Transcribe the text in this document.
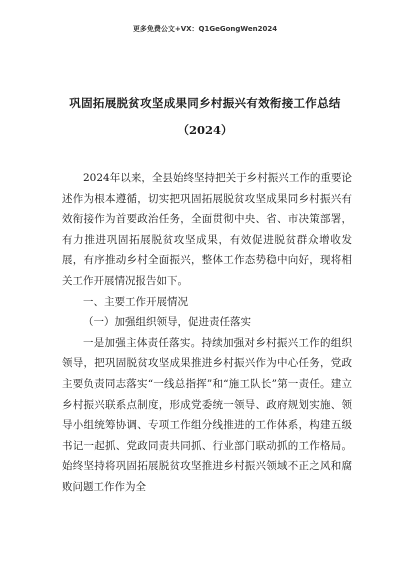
更多免费公文+VX：Q1GeGongWen2024
巩固拓展脱贫攻坚成果同乡村振兴有效衔接工作总结
（2024）

2024年以来，全县始终坚持把关于乡村振兴工作的重要论述作为根本遵循，切实把巩固拓展脱贫攻坚成果同乡村振兴有效衔接作为首要政治任务，全面贯彻中央、省、市决策部署，有力推进巩固拓展脱贫攻坚成果，有效促进脱贫群众增收发展，有序推动乡村全面振兴，整体工作态势稳中向好，现将相关工作开展情况报告如下。

一、主要工作开展情况

（一）加强组织领导，促进责任落实

一是加强主体责任落实。持续加强对乡村振兴工作的组织领导，把巩固脱贫攻坚成果推进乡村振兴作为中心任务，党政主要负责同志落实“一线总指挥”和“施工队长”第一责任。建立乡村振兴联系点制度，形成党委统一领导、政府规划实施、领导小组统筹协调、专项工作组分线推进的工作体系，构建五级书记一起抓、党政同责共同抓、行业部门联动抓的工作格局。始终坚持将巩固拓展脱贫攻坚推进乡村振兴领域不正之风和腐败问题工作作为全
